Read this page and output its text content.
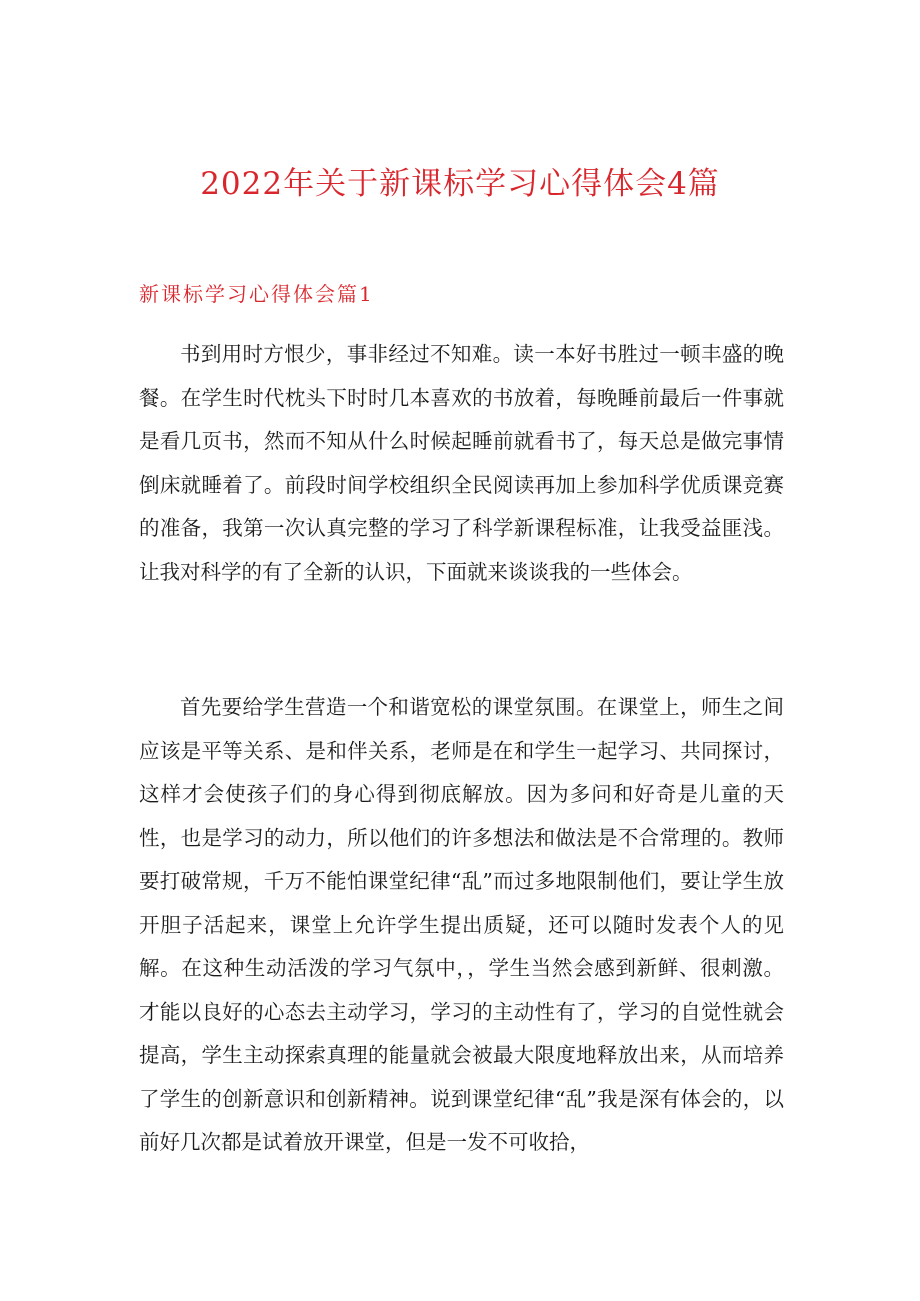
2022年关于新课标学习心得体会4篇
新课标学习心得体会篇1

书到用时方恨少，事非经过不知难。读一本好书胜过一顿丰盛的晚餐。在学生时代枕头下时时几本喜欢的书放着，每晚睡前最后一件事就是看几页书，然而不知从什么时候起睡前就看书了，每天总是做完事情倒床就睡着了。前段时间学校组织全民阅读再加上参加科学优质课竞赛的准备，我第一次认真完整的学习了科学新课程标准，让我受益匪浅。让我对科学的有了全新的认识，下面就来谈谈我的一些体会。

首先要给学生营造一个和谐宽松的课堂氛围。在课堂上，师生之间应该是平等关系、是和伴关系，老师是在和学生一起学习、共同探讨，这样才会使孩子们的身心得到彻底解放。因为多问和好奇是儿童的天性，也是学习的动力，所以他们的许多想法和做法是不合常理的。教师要打破常规，千万不能怕课堂纪律“乱”而过多地限制他们，要让学生放开胆子活起来，课堂上允许学生提出质疑，还可以随时发表个人的见解。在这种生动活泼的学习气氛中，，学生当然会感到新鲜、很刺激。才能以良好的心态去主动学习，学习的主动性有了，学习的自觉性就会提高，学生主动探索真理的能量就会被最大限度地释放出来，从而培养了学生的创新意识和创新精神。说到课堂纪律“乱”我是深有体会的，以前好几次都是试着放开课堂，但是一发不可收拾，
